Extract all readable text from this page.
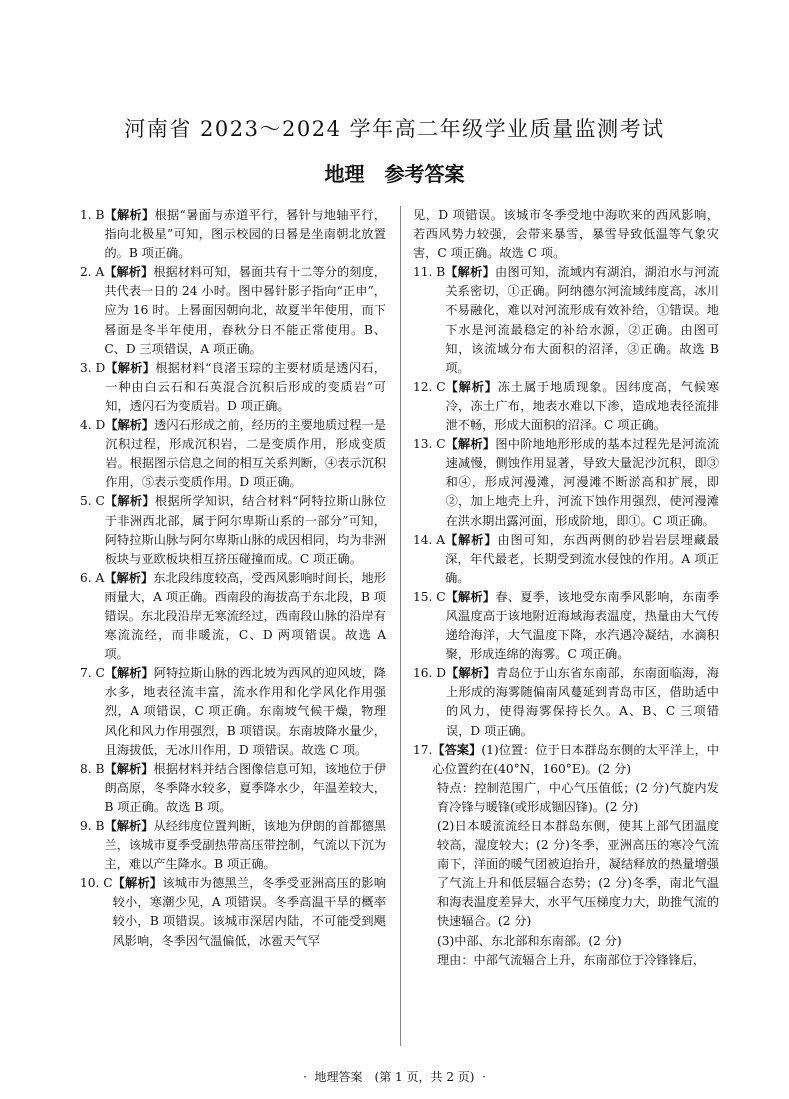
河南省 2023～2024 学年高二年级学业质量监测考试
地理　参考答案
1. B 【解析】根据“暑面与赤道平行，晷针与地轴平行，指向北极星”可知，图示校园的日晷是坐南朝北放置的。B 项正确。
2. A 【解析】根据材料可知，晷面共有十二等分的刻度，共代表一日的 24 小时。图中晷针影子指向“正申”，应为 16 时。上晷面因朝向北，故夏半年使用，而下晷面是冬半年使用，春秋分日不能正常使用。B、C、D 三项错误，A 项正确。
3. D 【解析】根据材料“良渚玉琮的主要材质是透闪石，一种由白云石和石英混合沉积后形成的变质岩”可知，透闪石为变质岩。D 项正确。
4. D 【解析】透闪石形成之前，经历的主要地质过程一是沉积过程，形成沉积岩，二是变质作用，形成变质岩。根据图示信息之间的相互关系判断，④表示沉积作用，⑤表示变质作用。D 项正确。
5. C 【解析】根据所学知识，结合材料“阿特拉斯山脉位于非洲西北部，属于阿尔卑斯山系的一部分”可知，阿特拉斯山脉与阿尔卑斯山脉的成因相同，均为非洲板块与亚欧板块相互挤压碰撞而成。C 项正确。
6. A 【解析】东北段纬度较高，受西风影响时间长，地形雨量大，A 项正确。西南段的海拔高于东北段，B 项错误。东北段沿岸无寒流经过，西南段山脉的沿岸有寒流流经，而非暖流，C、D 两项错误。故选 A 项。
7. C 【解析】阿特拉斯山脉的西北坡为西风的迎风坡，降水多，地表径流丰富，流水作用和化学风化作用强烈，A 项错误，C 项正确。东南坡气候干燥，物理风化和风力作用强烈，B 项错误。东南坡降水量少，且海拔低，无冰川作用，D 项错误。故选 C 项。
8. B 【解析】根据材料并结合图像信息可知，该地位于伊朗高原，冬季降水较多，夏季降水少，年温差较大，B 项正确。故选 B 项。
9. B 【解析】从经纬度位置判断，该地为伊朗的首都德黑兰，该城市夏季受副热带高压带控制，气流以下沉为主，难以产生降水。B 项正确。
10. C 【解析】该城市为德黑兰，冬季受亚洲高压的影响较小，寒潮少见，A 项错误。冬季高温干旱的概率较小，B 项错误。该城市深居内陆，不可能受到飓风影响，冬季因气温偏低，冰雹天气罕
见，D 项错误。该城市冬季受地中海吹来的西风影响，若西风势力较强，会带来暴雪，暴雪导致低温等气象灾害，C 项正确。故选 C 项。
11. B 【解析】由图可知，流域内有湖泊，湖泊水与河流关系密切，①正确。阿纳德尔河流域纬度高，冰川不易融化，难以对河流形成有效补给，①错误。地下水是河流最稳定的补给水源，②正确。由图可知，该流域分布大面积的沼泽，③正确。故选 B 项。
12. C 【解析】冻土属于地质现象。因纬度高，气候寒冷，冻土广布，地表水难以下渗，造成地表径流排泄不畅，形成大面积的沼泽。C 项正确。
13. C 【解析】图中阶地地形形成的基本过程先是河流流速减慢，侧蚀作用显著，导致大量泥沙沉积，即③和④，形成河漫滩，河漫滩不断淤高和扩展，即②，加上地壳上升，河流下蚀作用强烈，使河漫滩在洪水期出露河面，形成阶地，即①。C 项正确。
14. A 【解析】由图可知，东西两侧的砂岩岩层埋藏最深，年代最老，长期受到流水侵蚀的作用。A 项正确。
15. C 【解析】春、夏季，该地受东南季风影响，东南季风温度高于该地附近海域海表温度，热量由大气传递给海洋，大气温度下降，水汽遇冷凝结，水滴积聚，形成连绵的海雾。C 项正确。
16. D 【解析】青岛位于山东省东南部，东南面临海，海上形成的海雾随偏南风蔓延到青岛市区，借助适中的风力，使得海雾保持长久。A、B、C 三项错误，D 项正确。
17. 【答案】(1)位置：位于日本群岛东侧的太平洋上，中心位置约在(40°N，160°E)。(2 分)
特点：控制范围广，中心气压值低；(2 分)气旋内发育冷锋与暖锋(或形成锢囚锋)。(2 分)
(2)日本暖流流经日本群岛东侧，使其上部气团温度较高，湿度较大；(2 分)冬季，亚洲高压的寒冷气流南下，洋面的暖气团被迫抬升，凝结释放的热量增强了气流上升和低层辐合态势；(2 分)冬季，南北气温和海表温度差异大，水平气压梯度力大，助推气流的快速辐合。(2 分)
(3)中部、东北部和东南部。(2 分)
理由：中部气流辐合上升，东南部位于冷锋锋后，
·  地理答案　(第 1 页，共 2 页)  ·
